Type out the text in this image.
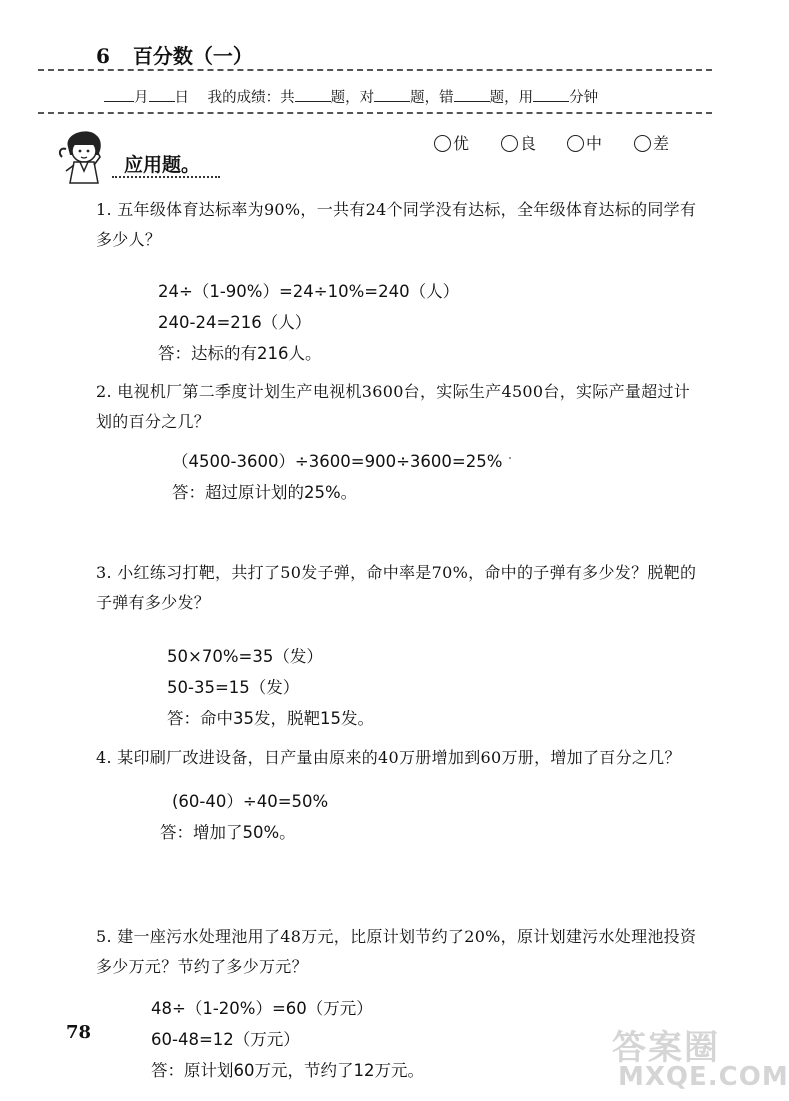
6 百分数（一）
月 日 我的成绩：共 题，对 题，错 题，用 分钟
优	良	中	差
应用题。
1. 五年级体育达标率为90%，一共有24个同学没有达标，全年级体育达标的同学有多少人？
24÷（1-90%）=24÷10%=240（人）
240-24=216（人）
答：达标的有216人。
2. 电视机厂第二季度计划生产电视机3600台，实际生产4500台，实际产量超过计划的百分之几？
（4500-3600）÷3600=900÷3600=25%
答：超过原计划的25%。
3. 小红练习打靶，共打了50发子弹，命中率是70%，命中的子弹有多少发？脱靶的子弹有多少发？
50×70%=35（发）
50-35=15（发）
答：命中35发，脱靶15发。
4. 某印刷厂改进设备，日产量由原来的40万册增加到60万册，增加了百分之几？
(60-40）÷40=50%
答：增加了50%。
5. 建一座污水处理池用了48万元，比原计划节约了20%，原计划建污水处理池投资多少万元？节约了多少万元？
48÷（1-20%）=60（万元）
60-48=12（万元）
答：原计划60万元，节约了12万元。
78	答案圈
MXQE.COM
